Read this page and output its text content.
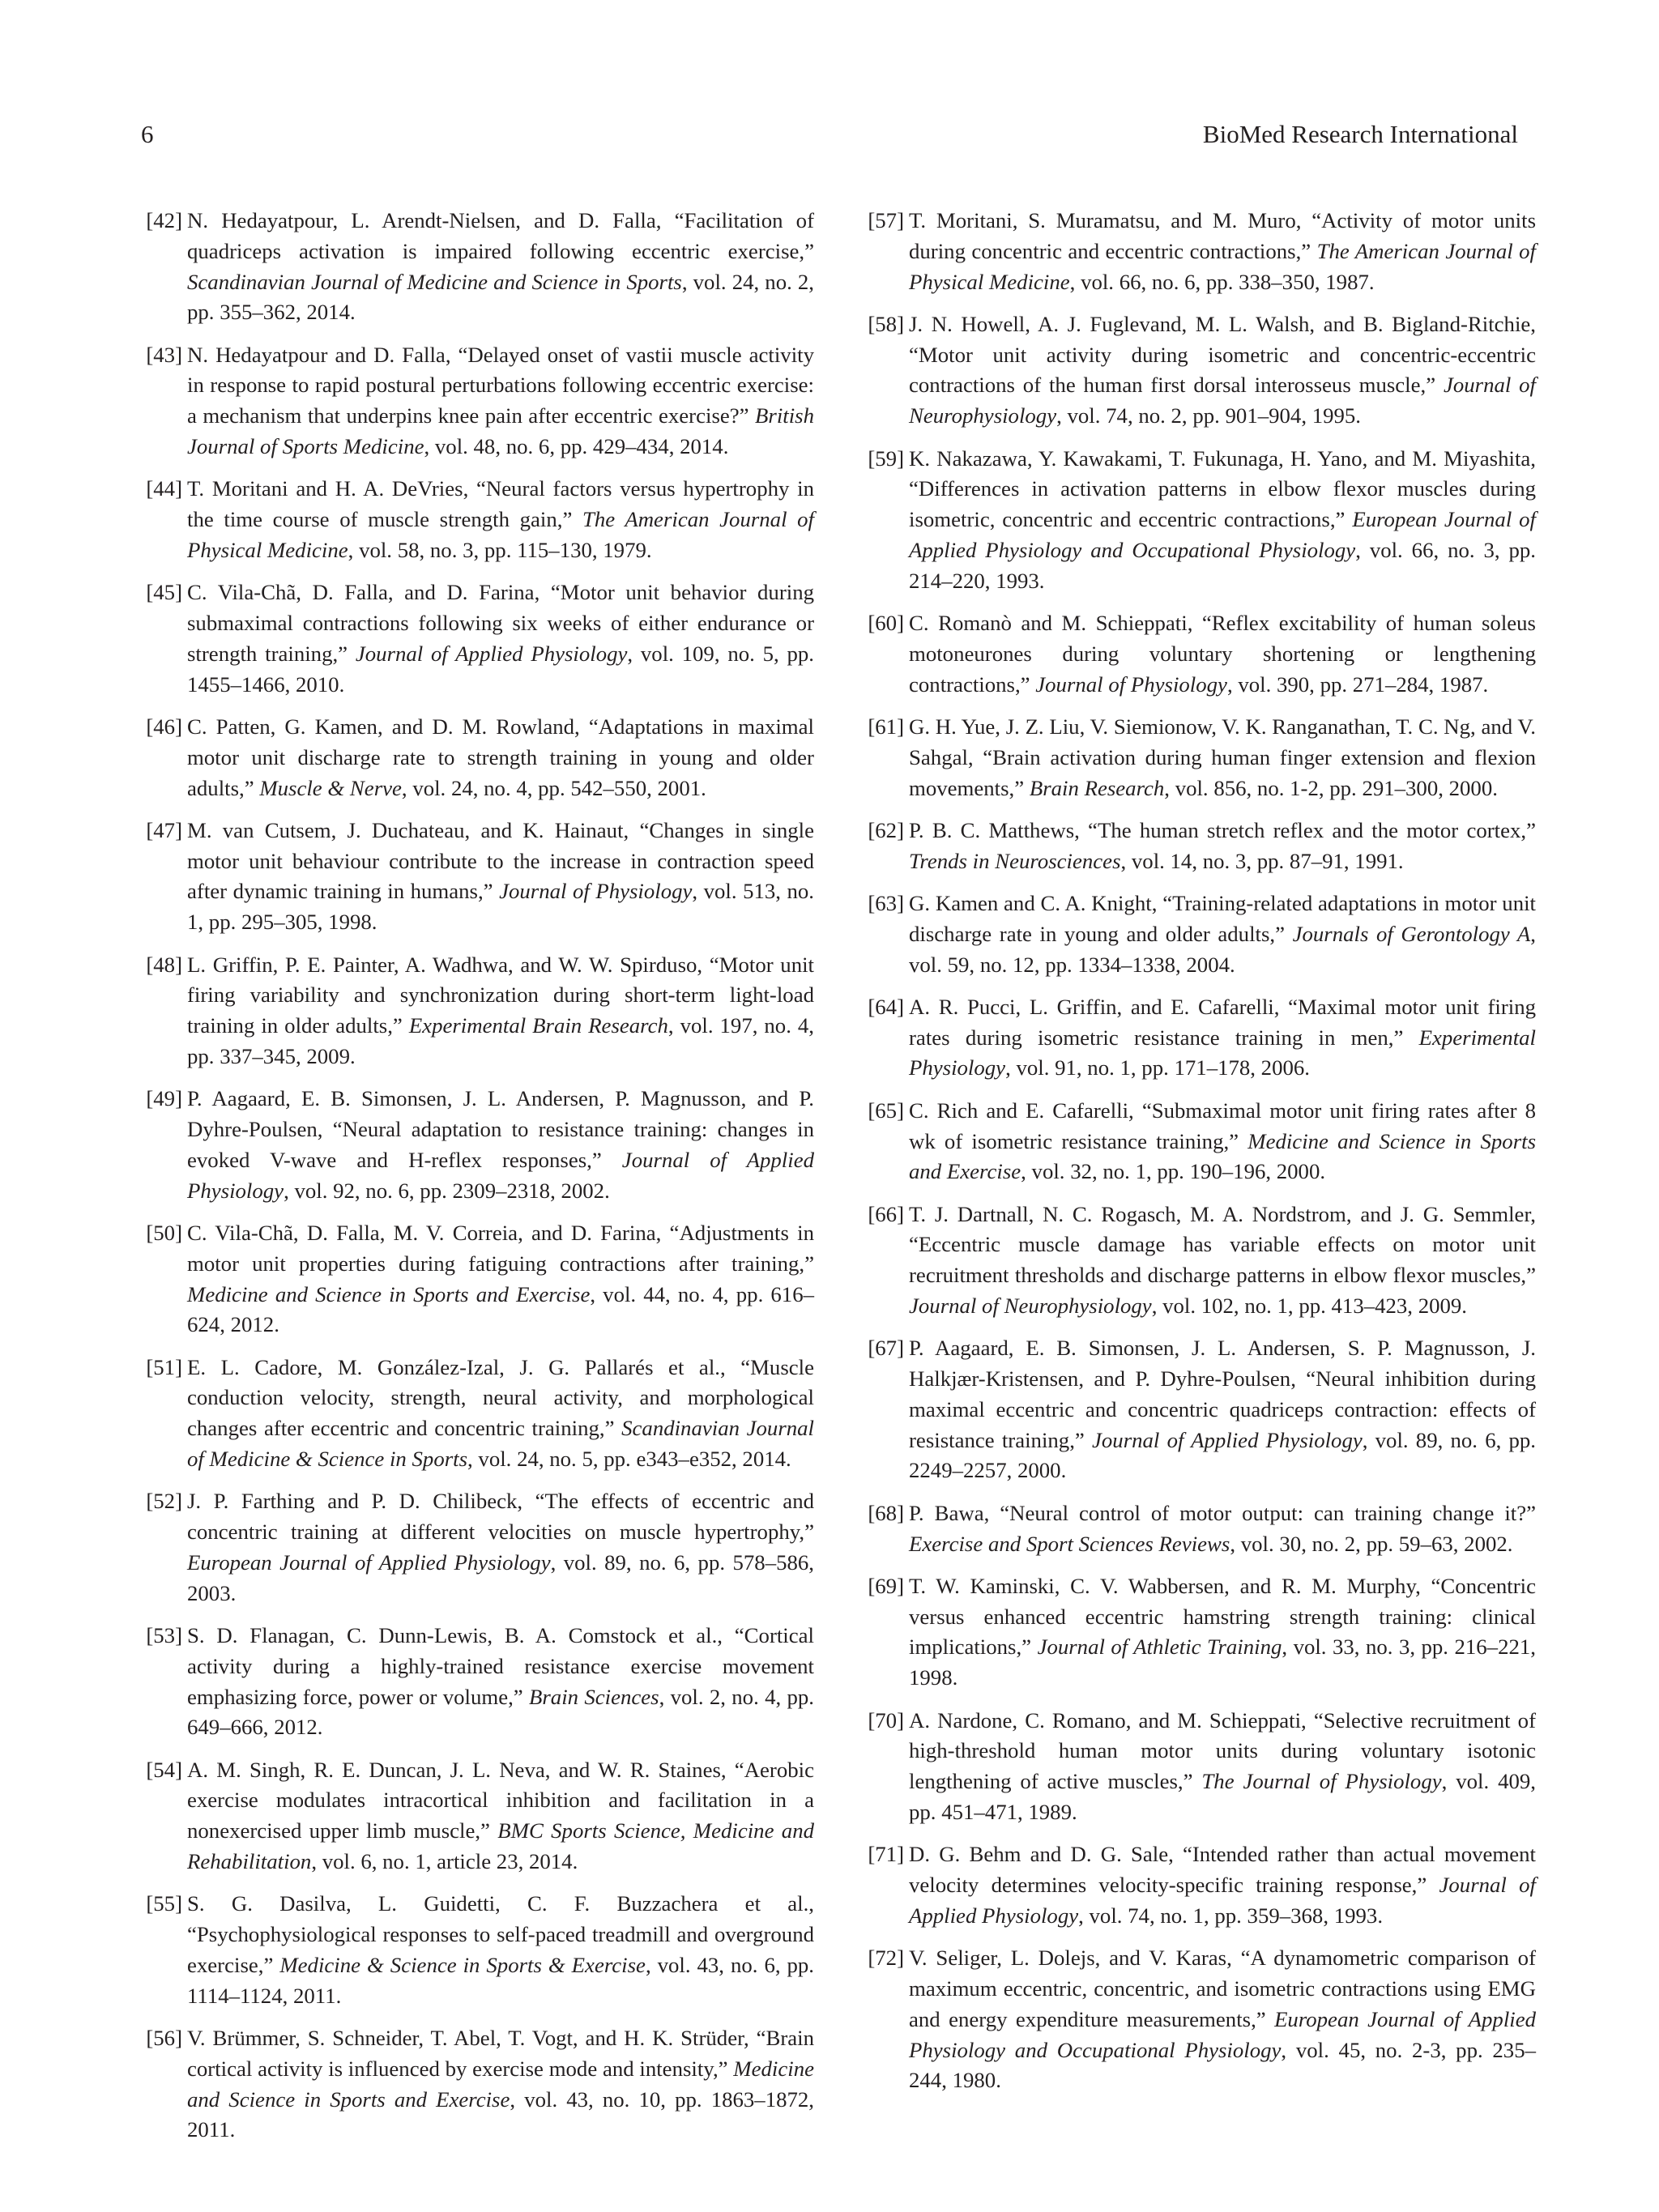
6	BioMed Research International
[42] N. Hedayatpour, L. Arendt-Nielsen, and D. Falla, “Facilitation of quadriceps activation is impaired following eccentric exercise,” Scandinavian Journal of Medicine and Science in Sports, vol. 24, no. 2, pp. 355–362, 2014.
[43] N. Hedayatpour and D. Falla, “Delayed onset of vastii muscle activity in response to rapid postural perturbations following eccentric exercise: a mechanism that underpins knee pain after eccentric exercise?” British Journal of Sports Medicine, vol. 48, no. 6, pp. 429–434, 2014.
[44] T. Moritani and H. A. DeVries, “Neural factors versus hypertrophy in the time course of muscle strength gain,” The American Journal of Physical Medicine, vol. 58, no. 3, pp. 115–130, 1979.
[45] C. Vila-Chã, D. Falla, and D. Farina, “Motor unit behavior during submaximal contractions following six weeks of either endurance or strength training,” Journal of Applied Physiology, vol. 109, no. 5, pp. 1455–1466, 2010.
[46] C. Patten, G. Kamen, and D. M. Rowland, “Adaptations in maximal motor unit discharge rate to strength training in young and older adults,” Muscle & Nerve, vol. 24, no. 4, pp. 542–550, 2001.
[47] M. van Cutsem, J. Duchateau, and K. Hainaut, “Changes in single motor unit behaviour contribute to the increase in contraction speed after dynamic training in humans,” Journal of Physiology, vol. 513, no. 1, pp. 295–305, 1998.
[48] L. Griffin, P. E. Painter, A. Wadhwa, and W. W. Spirduso, “Motor unit firing variability and synchronization during short-term light-load training in older adults,” Experimental Brain Research, vol. 197, no. 4, pp. 337–345, 2009.
[49] P. Aagaard, E. B. Simonsen, J. L. Andersen, P. Magnusson, and P. Dyhre-Poulsen, “Neural adaptation to resistance training: changes in evoked V-wave and H-reflex responses,” Journal of Applied Physiology, vol. 92, no. 6, pp. 2309–2318, 2002.
[50] C. Vila-Chã, D. Falla, M. V. Correia, and D. Farina, “Adjustments in motor unit properties during fatiguing contractions after training,” Medicine and Science in Sports and Exercise, vol. 44, no. 4, pp. 616–624, 2012.
[51] E. L. Cadore, M. González-Izal, J. G. Pallarés et al., “Muscle conduction velocity, strength, neural activity, and morphological changes after eccentric and concentric training,” Scandinavian Journal of Medicine & Science in Sports, vol. 24, no. 5, pp. e343–e352, 2014.
[52] J. P. Farthing and P. D. Chilibeck, “The effects of eccentric and concentric training at different velocities on muscle hypertrophy,” European Journal of Applied Physiology, vol. 89, no. 6, pp. 578–586, 2003.
[53] S. D. Flanagan, C. Dunn-Lewis, B. A. Comstock et al., “Cortical activity during a highly-trained resistance exercise movement emphasizing force, power or volume,” Brain Sciences, vol. 2, no. 4, pp. 649–666, 2012.
[54] A. M. Singh, R. E. Duncan, J. L. Neva, and W. R. Staines, “Aerobic exercise modulates intracortical inhibition and facilitation in a nonexercised upper limb muscle,” BMC Sports Science, Medicine and Rehabilitation, vol. 6, no. 1, article 23, 2014.
[55] S. G. Dasilva, L. Guidetti, C. F. Buzzachera et al., “Psychophysiological responses to self-paced treadmill and overground exercise,” Medicine & Science in Sports & Exercise, vol. 43, no. 6, pp. 1114–1124, 2011.
[56] V. Brümmer, S. Schneider, T. Abel, T. Vogt, and H. K. Strüder, “Brain cortical activity is influenced by exercise mode and intensity,” Medicine and Science in Sports and Exercise, vol. 43, no. 10, pp. 1863–1872, 2011.
[57] T. Moritani, S. Muramatsu, and M. Muro, “Activity of motor units during concentric and eccentric contractions,” The American Journal of Physical Medicine, vol. 66, no. 6, pp. 338–350, 1987.
[58] J. N. Howell, A. J. Fuglevand, M. L. Walsh, and B. Bigland-Ritchie, “Motor unit activity during isometric and concentric-eccentric contractions of the human first dorsal interosseus muscle,” Journal of Neurophysiology, vol. 74, no. 2, pp. 901–904, 1995.
[59] K. Nakazawa, Y. Kawakami, T. Fukunaga, H. Yano, and M. Miyashita, “Differences in activation patterns in elbow flexor muscles during isometric, concentric and eccentric contractions,” European Journal of Applied Physiology and Occupational Physiology, vol. 66, no. 3, pp. 214–220, 1993.
[60] C. Romanò and M. Schieppati, “Reflex excitability of human soleus motoneurones during voluntary shortening or lengthening contractions,” Journal of Physiology, vol. 390, pp. 271–284, 1987.
[61] G. H. Yue, J. Z. Liu, V. Siemionow, V. K. Ranganathan, T. C. Ng, and V. Sahgal, “Brain activation during human finger extension and flexion movements,” Brain Research, vol. 856, no. 1-2, pp. 291–300, 2000.
[62] P. B. C. Matthews, “The human stretch reflex and the motor cortex,” Trends in Neurosciences, vol. 14, no. 3, pp. 87–91, 1991.
[63] G. Kamen and C. A. Knight, “Training-related adaptations in motor unit discharge rate in young and older adults,” Journals of Gerontology A, vol. 59, no. 12, pp. 1334–1338, 2004.
[64] A. R. Pucci, L. Griffin, and E. Cafarelli, “Maximal motor unit firing rates during isometric resistance training in men,” Experimental Physiology, vol. 91, no. 1, pp. 171–178, 2006.
[65] C. Rich and E. Cafarelli, “Submaximal motor unit firing rates after 8 wk of isometric resistance training,” Medicine and Science in Sports and Exercise, vol. 32, no. 1, pp. 190–196, 2000.
[66] T. J. Dartnall, N. C. Rogasch, M. A. Nordstrom, and J. G. Semmler, “Eccentric muscle damage has variable effects on motor unit recruitment thresholds and discharge patterns in elbow flexor muscles,” Journal of Neurophysiology, vol. 102, no. 1, pp. 413–423, 2009.
[67] P. Aagaard, E. B. Simonsen, J. L. Andersen, S. P. Magnusson, J. Halkjær-Kristensen, and P. Dyhre-Poulsen, “Neural inhibition during maximal eccentric and concentric quadriceps contraction: effects of resistance training,” Journal of Applied Physiology, vol. 89, no. 6, pp. 2249–2257, 2000.
[68] P. Bawa, “Neural control of motor output: can training change it?” Exercise and Sport Sciences Reviews, vol. 30, no. 2, pp. 59–63, 2002.
[69] T. W. Kaminski, C. V. Wabbersen, and R. M. Murphy, “Concentric versus enhanced eccentric hamstring strength training: clinical implications,” Journal of Athletic Training, vol. 33, no. 3, pp. 216–221, 1998.
[70] A. Nardone, C. Romano, and M. Schieppati, “Selective recruitment of high-threshold human motor units during voluntary isotonic lengthening of active muscles,” The Journal of Physiology, vol. 409, pp. 451–471, 1989.
[71] D. G. Behm and D. G. Sale, “Intended rather than actual movement velocity determines velocity-specific training response,” Journal of Applied Physiology, vol. 74, no. 1, pp. 359–368, 1993.
[72] V. Seliger, L. Dolejs, and V. Karas, “A dynamometric comparison of maximum eccentric, concentric, and isometric contractions using EMG and energy expenditure measurements,” European Journal of Applied Physiology and Occupational Physiology, vol. 45, no. 2-3, pp. 235–244, 1980.
